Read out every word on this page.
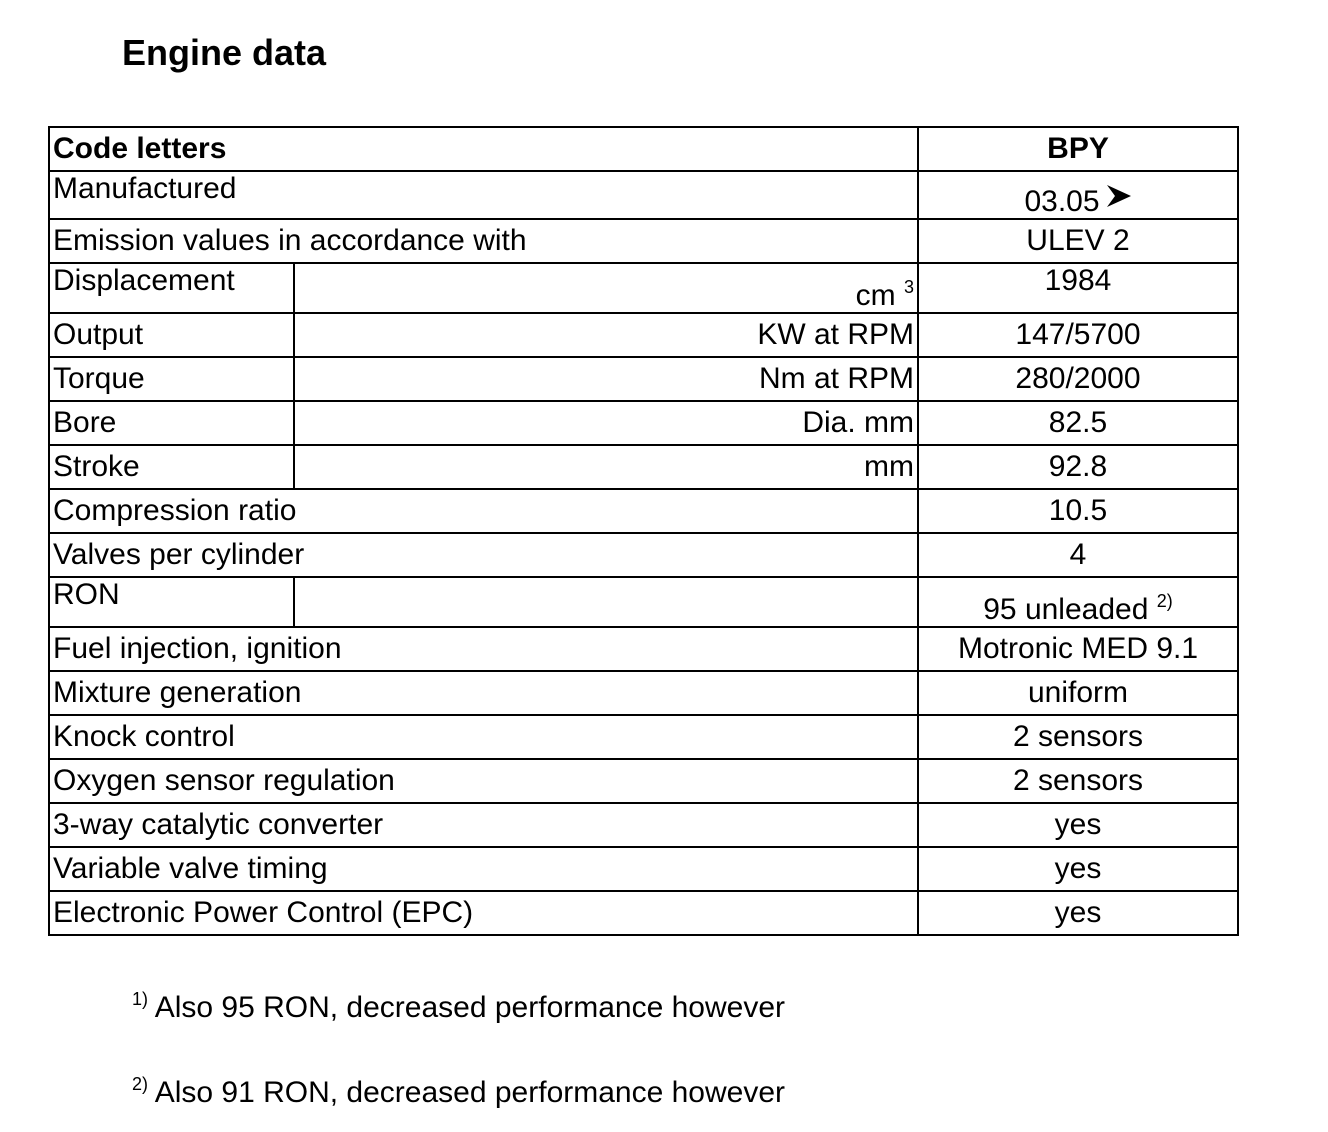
Engine data
Code letters		BPY
Manufactured		03.05
Emission values in accordance with		ULEV 2
Displacement	cm $^3$	1984
Output	KW at RPM	147/5700
Torque	Nm at RPM	280/2000
Bore	Dia. mm	82.5
Stroke	mm	92.8
Compression ratio		10.5
Valves per cylinder		4
RON		95 unleaded $^{2)}$
Fuel injection, ignition		Motronic MED 9.1
Mixture generation		uniform
Knock control		2 sensors
Oxygen sensor regulation		2 sensors
3-way catalytic converter		yes
Variable valve timing		yes
Electronic Power Control (EPC)		yes
$^{1)}$ Also 95 RON, decreased performance however
$^{2)}$ Also 91 RON, decreased performance however
